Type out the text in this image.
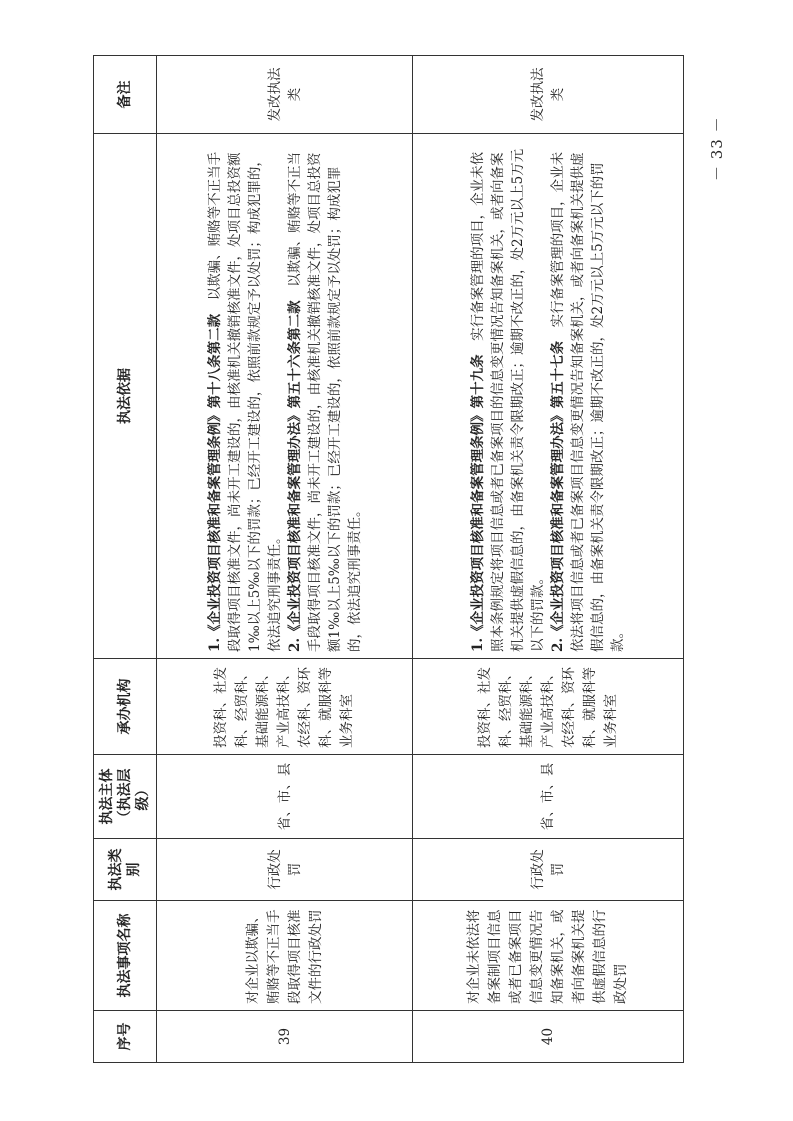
序号	执法事项名称	执法类别	执法主体（执法层级）	承办机构	执法依据	备注
39	对企业以欺骗、贿赂等不正当手段取得项目核准文件的行政处罚	行政处罚	省、市、县	投资科、社发科、经贸科、基础能源科、产业高技科、农经科、资环科、就服科等业务科室	1.《企业投资项目核准和备案管理条例》第十八条第二款　以欺骗、贿赂等不正当手段取得项目核准文件，尚未开工建设的，由核准机关撤销核准文件，处项目总投资额1‰以上5‰以下的罚款；已经开工建设的，依照前款规定予以处罚；构成犯罪的，依法追究刑事责任。 2.《企业投资项目核准和备案管理办法》第五十六条第二款　以欺骗、贿赂等不正当手段取得项目核准文件，尚未开工建设的，由核准机关撤销核准文件，处项目总投资额1‰以上5‰以下的罚款；已经开工建设的，依照前款规定予以处罚；构成犯罪的，依法追究刑事责任。	发改执法类
40	对企业未依法将备案制项目信息或者已备案项目信息变更情况告知备案机关，或者向备案机关提供虚假信息的行政处罚	行政处罚	省、市、县	投资科、社发科、经贸科、基础能源科、产业高技科、农经科、资环科、就服科等业务科室	1.《企业投资项目核准和备案管理条例》第十九条　实行备案管理的项目，企业未依照本条例规定将项目信息或者已备案项目的信息变更情况告知备案机关，或者向备案机关提供虚假信息的，由备案机关责令限期改正；逾期不改正的，处2万元以上5万元以下的罚款。 2.《企业投资项目核准和备案管理办法》第五十七条　实行备案管理的项目，企业未依法将项目信息或者已备案项目信息变更情况告知备案机关，或者向备案机关提供虚假信息的，由备案机关责令限期改正；逾期不改正的，处2万元以上5万元以下的罚款。	发改执法类
－ 33 －
